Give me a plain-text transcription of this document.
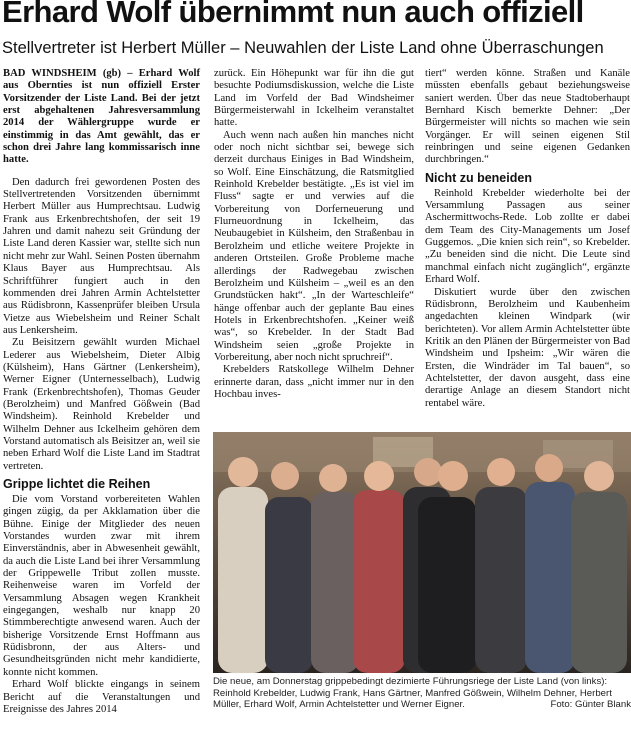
Erhard Wolf übernimmt nun auch offiziell
Stellvertreter ist Herbert Müller – Neuwahlen der Liste Land ohne Überraschungen

BAD WINDSHEIM (gb) – Erhard Wolf aus Obernties ist nun offiziell Erster Vorsitzender der Liste Land. Bei der jetzt erst abgehaltenen Jahresversammlung 2014 der Wählergruppe wurde er einstimmig in das Amt gewählt, das er schon drei Jahre lang kommissarisch inne hatte.

Den dadurch frei gewordenen Posten des Stellvertretenden Vorsitzenden übernimmt Herbert Müller aus Humprechtsau. Ludwig Frank aus Erkenbrechtshofen, der seit 19 Jahren und damit nahezu seit Gründung der Liste Land deren Kassier war, stellte sich nun nicht mehr zur Wahl. Seinen Posten übernahm Klaus Bayer aus Humprechtsau. Als Schriftführer fungiert auch in den kommenden drei Jahren Armin Achtelstetter aus Rüdisbronn, Kassenprüfer bleiben Ursula Vietze aus Wiebelsheim und Reiner Schalt aus Lenkersheim.

Zu Beisitzern gewählt wurden Michael Lederer aus Wiebelsheim, Dieter Albig (Külsheim), Hans Gärtner (Lenkersheim), Werner Eigner (Unternesselbach), Ludwig Frank (Erkenbrechtshofen), Thomas Geuder (Berolzheim) und Manfred Gößwein (Bad Windsheim). Reinhold Krebelder und Wilhelm Dehner aus Ickelheim gehören dem Vorstand automatisch als Beisitzer an, weil sie neben Erhard Wolf die Liste Land im Stadtrat vertreten.

Grippe lichtet die Reihen

Die vom Vorstand vorbereiteten Wahlen gingen zügig, da per Akklamation über die Bühne. Einige der Mitglieder des neuen Vorstandes wurden zwar mit ihrem Einverständnis, aber in Abwesenheit gewählt, da auch die Liste Land bei ihrer Versammlung der Grippewelle Tribut zollen musste. Reihenweise waren im Vorfeld der Versammlung Absagen wegen Krankheit eingegangen, weshalb nur knapp 20 Stimmberechtigte anwesend waren. Auch der bisherige Vorsitzende Ernst Hoffmann aus Rüdisbronn, der aus Alters- und Gesundheitsgründen nicht mehr kandidierte, konnte nicht kommen.

Erhard Wolf blickte eingangs in seinem Bericht auf die Veranstaltungen und Ereignisse des Jahres 2014

zurück. Ein Höhepunkt war für ihn die gut besuchte Podiumsdiskussion, welche die Liste Land im Vorfeld der Bad Windsheimer Bürgermeisterwahl in Ickelheim veranstaltet hatte.

Auch wenn nach außen hin manches nicht oder noch nicht sichtbar sei, bewege sich derzeit durchaus Einiges in Bad Windsheim, so Wolf. Eine Einschätzung, die Ratsmitglied Reinhold Krebelder bestätigte. „Es ist viel im Fluss“ sagte er und verwies auf die Vorbereitung von Dorferneuerung und Flurneuordnung in Ickelheim, das Neubaugebiet in Külsheim, den Straßenbau in Berolzheim und etliche weitere Projekte in anderen Ortsteilen. Große Probleme mache allerdings der Radwegebau zwischen Berolzheim und Külsheim – „weil es an den Grundstücken hakt“. „In der Warteschleife“ hänge offenbar auch der geplante Bau eines Hotels in Erkenbrechtshofen. „Keiner weiß was“, so Krebelder. In der Stadt Bad Windsheim seien „große Projekte in Vorbereitung, aber noch nicht spruchreif“.

Krebelders Ratskollege Wilhelm Dehner erinnerte daran, dass „nicht immer nur in den Hochbau inves-

tiert“ werden könne. Straßen und Kanäle müssten ebenfalls gebaut beziehungsweise saniert werden. Über das neue Stadtoberhaupt Bernhard Kisch bemerkte Dehner: „Der Bürgermeister will nichts so machen wie sein Vorgänger. Er will seinen eigenen Stil reinbringen und seine eigenen Gedanken durchbringen.“

Nicht zu beneiden

Reinhold Krebelder wiederholte bei der Versammlung Passagen aus seiner Aschermittwochs-Rede. Lob zollte er dabei dem Team des City-Managements um Josef Guggemos. „Die knien sich rein“, so Krebelder. „Zu beneiden sind die nicht. Die Leute sind manchmal einfach nicht zugänglich“, ergänzte Erhard Wolf.

Diskutiert wurde über den zwischen Rüdisbronn, Berolzheim und Kaubenheim angedachten kleinen Windpark (wir berichteten). Vor allem Armin Achtelstetter übte Kritik an den Plänen der Bürgermeister von Bad Windsheim und Ipsheim: „Wir wären die Ersten, die Windräder im Tal bauen“, so Achtelstetter, der davon ausgeht, dass eine derartige Anlage an diesem Standort nicht rentabel wäre.

Die neue, am Donnerstag grippebedingt dezimierte Führungsriege der Liste Land (von links): Reinhold Krebelder, Ludwig Frank, Hans Gärtner, Manfred Gößwein, Wilhelm Dehner, Herbert Müller, Erhard Wolf, Armin Achtelstetter und Werner Eigner.	Foto: Günter Blank
